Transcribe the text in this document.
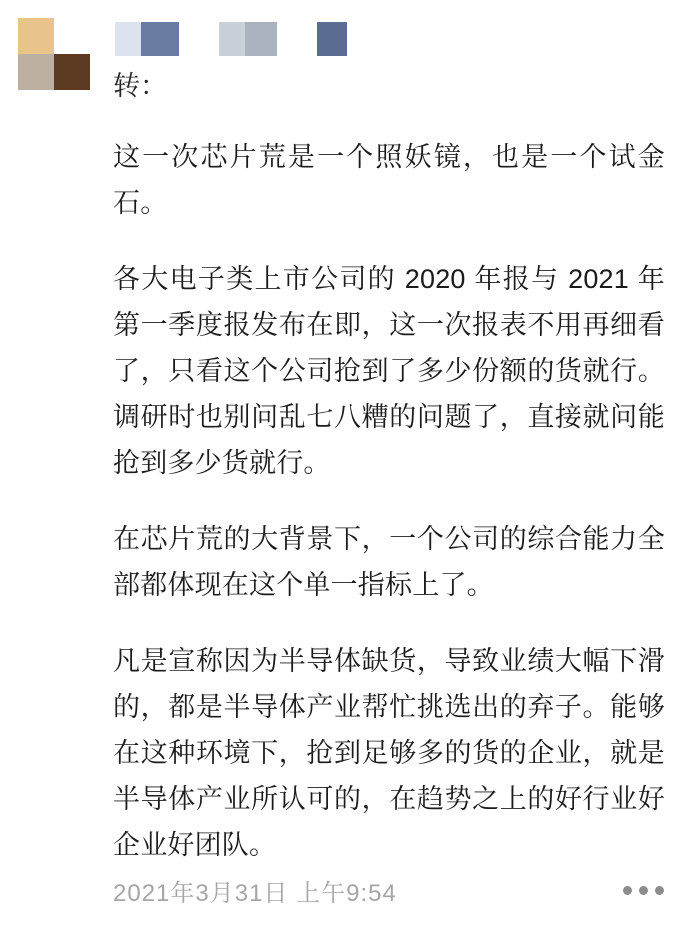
转：

这一次芯片荒是一个照妖镜，也是一个试金石。

各大电子类上市公司的 2020 年报与 2021 年第一季度报发布在即，这一次报表不用再细看了，只看这个公司抢到了多少份额的货就行。调研时也别问乱七八糟的问题了，直接就问能抢到多少货就行。

在芯片荒的大背景下，一个公司的综合能力全部都体现在这个单一指标上了。

凡是宣称因为半导体缺货，导致业绩大幅下滑的，都是半导体产业帮忙挑选出的弃子。能够在这种环境下，抢到足够多的货的企业，就是半导体产业所认可的，在趋势之上的好行业好企业好团队。

2021年3月31日 上午9:54
